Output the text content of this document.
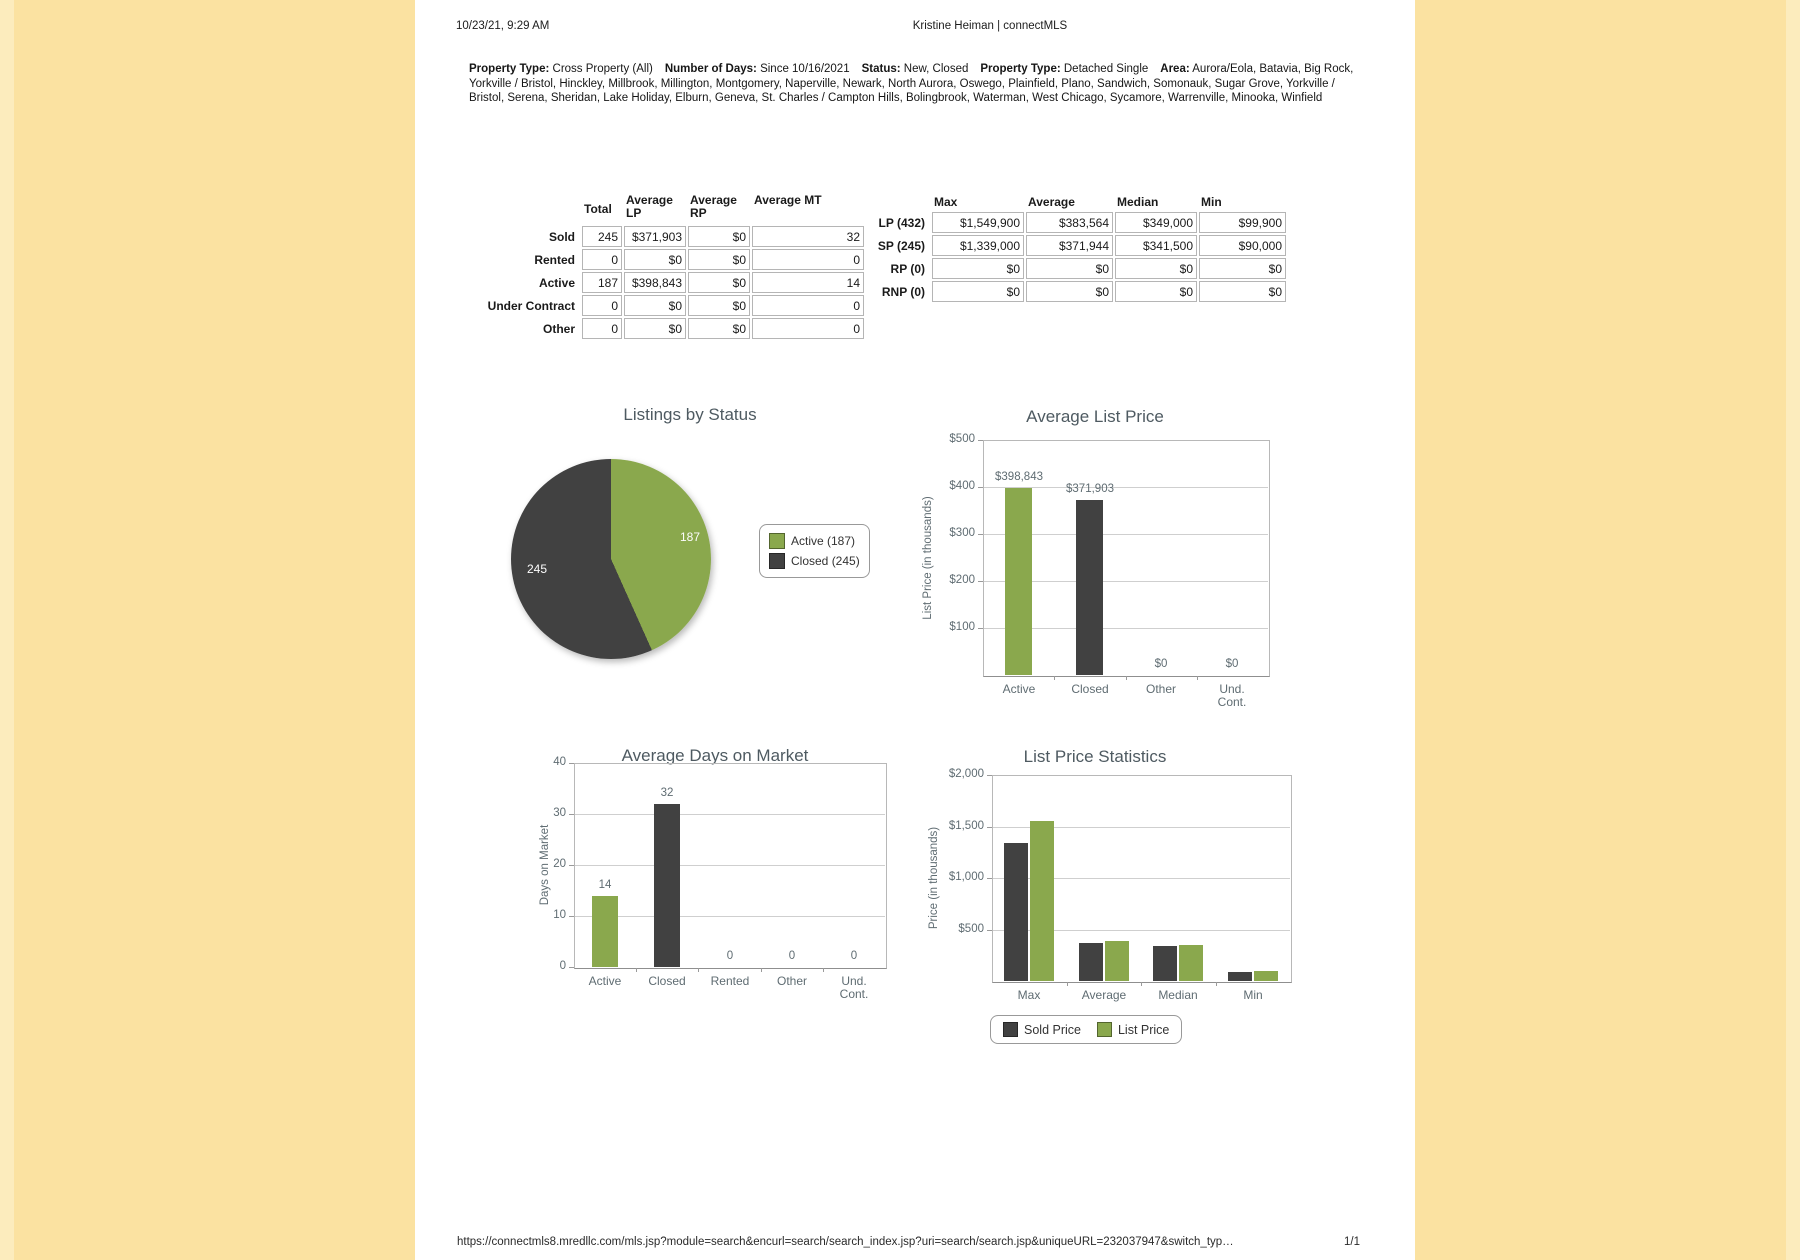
10/23/21, 9:29 AM	Kristine Heiman | connectMLS
Property Type: Cross Property (All) Number of Days: Since 10/16/2021 Status: New, Closed Property Type: Detached Single Area: Aurora/Eola, Batavia, Big Rock, Yorkville / Bristol, Hinckley, Millbrook, Millington, Montgomery, Naperville, Newark, North Aurora, Oswego, Plainfield, Plano, Sandwich, Somonauk, Sugar Grove, Yorkville / Bristol, Serena, Sheridan, Lake Holiday, Elburn, Geneva, St. Charles / Campton Hills, Bolingbrook, Waterman, West Chicago, Sycamore, Warrenville, Minooka, Winfield
	Total	Average LP	Average RP	Average MT
Sold	245	$371,903	$0	32
Rented	0	$0	$0	0
Active	187	$398,843	$0	14
Under Contract	0	$0	$0	0
Other	0	$0	$0	0
	Max	Average	Median	Min
LP (432)	$1,549,900	$383,564	$349,000	$99,900
SP (245)	$1,339,000	$371,944	$341,500	$90,000
RP (0)	$0	$0	$0	$0
RNP (0)	$0	$0	$0	$0
Listings by Status
187
245
Active (187)
Closed (245)
Average List Price
$500
$400
$300
$200
$100
List Price (in thousands)
Active
$398,843
Closed
$371,903
Other
$0
Und. Cont.
$0
Average Days on Market
40
30
20
10
0
Days on Market
Active
14
Closed
32
Rented
0
Other
0
Und. Cont.
0
List Price Statistics
$2,000
$1,500
$1,000
$500
Price (in thousands)
Max	Average	Median	Min
Sold Price	List Price
https://connectmls8.mredllc.com/mls.jsp?module=search&encurl=search/search_index.jsp?uri=search/search.jsp&uniqueURL=232037947&switch_typ…	1/1
